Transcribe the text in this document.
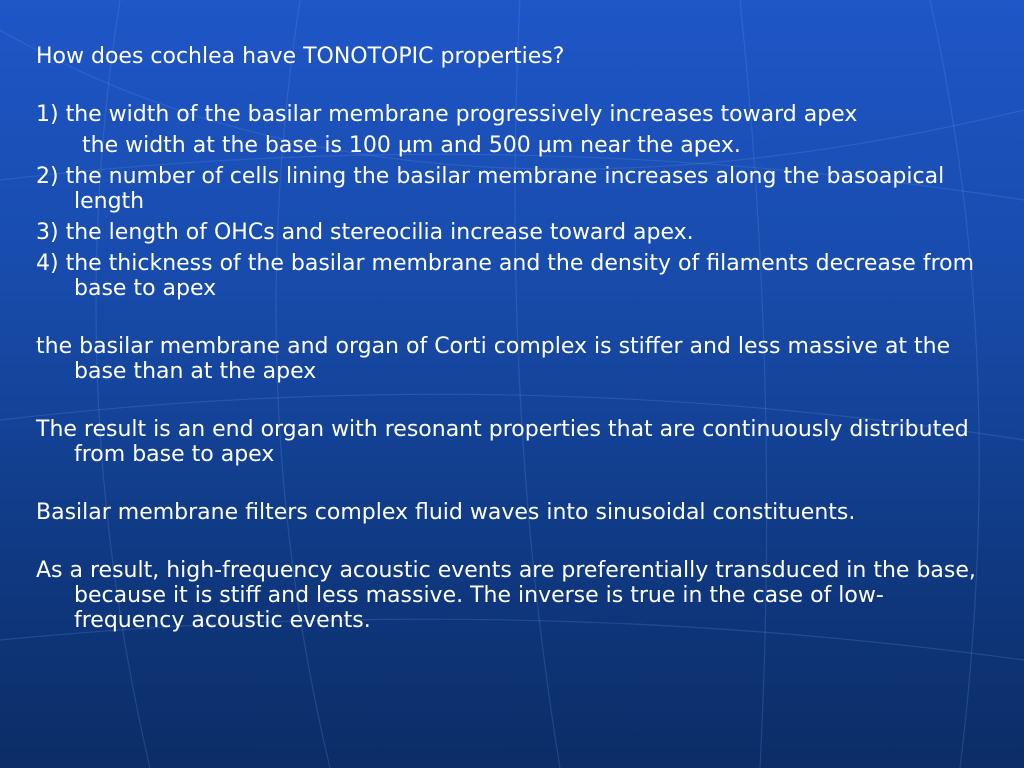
How does cochlea have TONOTOPIC properties?

1) the width of the basilar membrane progressively increases toward apex

the width at the base is 100 µm and 500 µm near the apex.

2) the number of cells lining the basilar membrane increases along the basoapical length

3) the length of OHCs and stereocilia increase toward apex.

4) the thickness of the basilar membrane and the density of filaments decrease from base to apex

the basilar membrane and organ of Corti complex is stiffer and less massive at the base than at the apex

The result is an end organ with resonant properties that are continuously distributed from base to apex

Basilar membrane filters complex fluid waves into sinusoidal constituents.

As a result, high-frequency acoustic events are preferentially transduced in the base, because it is stiff and less massive. The inverse is true in the case of low-frequency acoustic events.
